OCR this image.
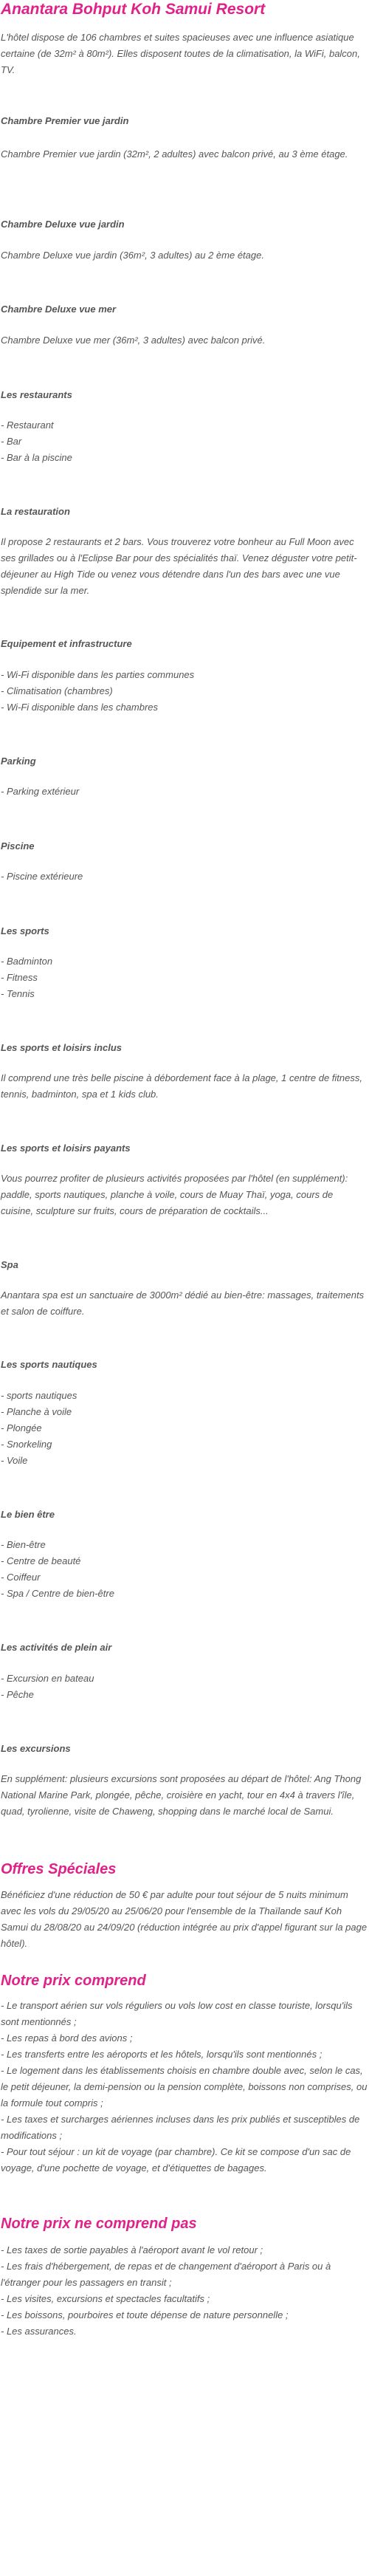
Anantara Bohput Koh Samui Resort

L'hôtel dispose de 106 chambres et suites spacieuses avec une influence asiatique certaine (de 32m² à 80m²). Elles disposent toutes de la climatisation, la WiFi, balcon, TV.

Chambre Premier vue jardin

Chambre Premier vue jardin (32m², 2 adultes) avec balcon privé, au 3 ème étage.

Chambre Deluxe vue jardin

Chambre Deluxe vue jardin (36m², 3 adultes) au 2 ème étage.

Chambre Deluxe vue mer

Chambre Deluxe vue mer (36m², 3 adultes) avec balcon privé.

Les restaurants
- Restaurant
- Bar
- Bar à la piscine
La restauration

Il propose 2 restaurants et 2 bars. Vous trouverez votre bonheur au Full Moon avec ses grillades ou à l'Eclipse Bar pour des spécialités thaï. Venez déguster votre petit-déjeuner au High Tide ou venez vous détendre dans l'un des bars avec une vue splendide sur la mer.

Equipement et infrastructure
- Wi-Fi disponible dans les parties communes
- Climatisation (chambres)
- Wi-Fi disponible dans les chambres
Parking
- Parking extérieur
Piscine
- Piscine extérieure
Les sports
- Badminton
- Fitness
- Tennis
Les sports et loisirs inclus

Il comprend une très belle piscine à débordement face à la plage, 1 centre de fitness, tennis, badminton, spa et 1 kids club.

Les sports et loisirs payants

Vous pourrez profiter de plusieurs activités proposées par l'hôtel (en supplément): paddle, sports nautiques, planche à voile, cours de Muay Thaï, yoga, cours de cuisine, sculpture sur fruits, cours de préparation de cocktails...

Spa

Anantara spa est un sanctuaire de 3000m² dédié au bien-être: massages, traitements et salon de coiffure.

Les sports nautiques
- sports nautiques
- Planche à voile
- Plongée
- Snorkeling
- Voile
Le bien être
- Bien-être
- Centre de beauté
- Coiffeur
- Spa / Centre de bien-être
Les activités de plein air
- Excursion en bateau
- Pêche
Les excursions

En supplément: plusieurs excursions sont proposées au départ de l'hôtel: Ang Thong National Marine Park, plongée, pêche, croisière en yacht, tour en 4x4 à travers l'île, quad, tyrolienne, visite de Chaweng, shopping dans le marché local de Samui.

Offres Spéciales

Bénéficiez d'une réduction de 50 € par adulte pour tout séjour de 5 nuits minimum avec les vols du 29/05/20 au 25/06/20 pour l'ensemble de la Thaïlande sauf Koh Samui du 28/08/20 au 24/09/20 (réduction intégrée au prix d'appel figurant sur la page hôtel).

Notre prix comprend
- Le transport aérien sur vols réguliers ou vols low cost en classe touriste, lorsqu'ils sont mentionnés ;
- Les repas à bord des avions ;
- Les transferts entre les aéroports et les hôtels, lorsqu'ils sont mentionnés ;
- Le logement dans les établissements choisis en chambre double avec, selon le cas, le petit déjeuner, la demi-pension ou la pension complète, boissons non comprises, ou la formule tout compris ;
- Les taxes et surcharges aériennes incluses dans les prix publiés et susceptibles de modifications ;
- Pour tout séjour : un kit de voyage (par chambre). Ce kit se compose d'un sac de voyage, d'une pochette de voyage, et d'étiquettes de bagages.
Notre prix ne comprend pas
- Les taxes de sortie payables à l'aéroport avant le vol retour ;
- Les frais d'hébergement, de repas et de changement d'aéroport à Paris ou à l'étranger pour les passagers en transit ;
- Les visites, excursions et spectacles facultatifs ;
- Les boissons, pourboires et toute dépense de nature personnelle ;
- Les assurances.
